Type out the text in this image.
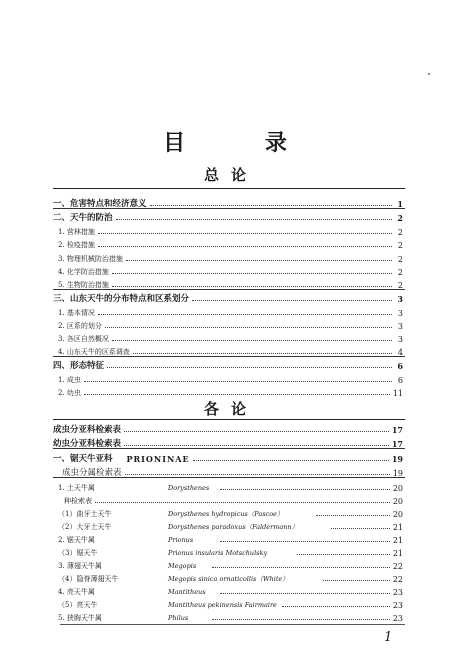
目 录
总论
一、危害特点和经济意义	1
二、天牛的防治	2
1. 营林措施	2
2. 检疫措施	2
3. 物理机械防治措施	2
4. 化学防治措施	2
5. 生物防治措施	2
三、山东天牛的分布特点和区系划分	3
1. 基本情况	3
2. 区系的划分	3
3. 各区自然概况	3
4. 山东天牛的区系调查	4
四、形态特征	6
1. 成虫	6
2. 幼虫	11
各论
成虫分亚科检索表	17
幼虫分亚科检索表	17
一、锯天牛亚科 PRIONINAE	19
成虫分属检索表	19
1. 土天牛属	Dorysthenes	20
种检索表	20
（1）曲牙土天牛	Dorysthenes hydropicus（Pascoe）	20
（2）大牙土天牛	Dorysthenes paradoxus（Faldermann）	21
2. 锯天牛属	Prionus	21
（3）锯天牛	Prionus insularis Motschulsky	21
3. 薄翅天牛属	Megopis	22
（4）隐脊薄翅天牛	Megopis sinica ornaticollis（White）	22
4. 亮天牛属	Mantitheus	23
（5）亮天牛	Mantitheus pekinensis Fairmaire	23
5. 狭胸天牛属	Philus	23
1
